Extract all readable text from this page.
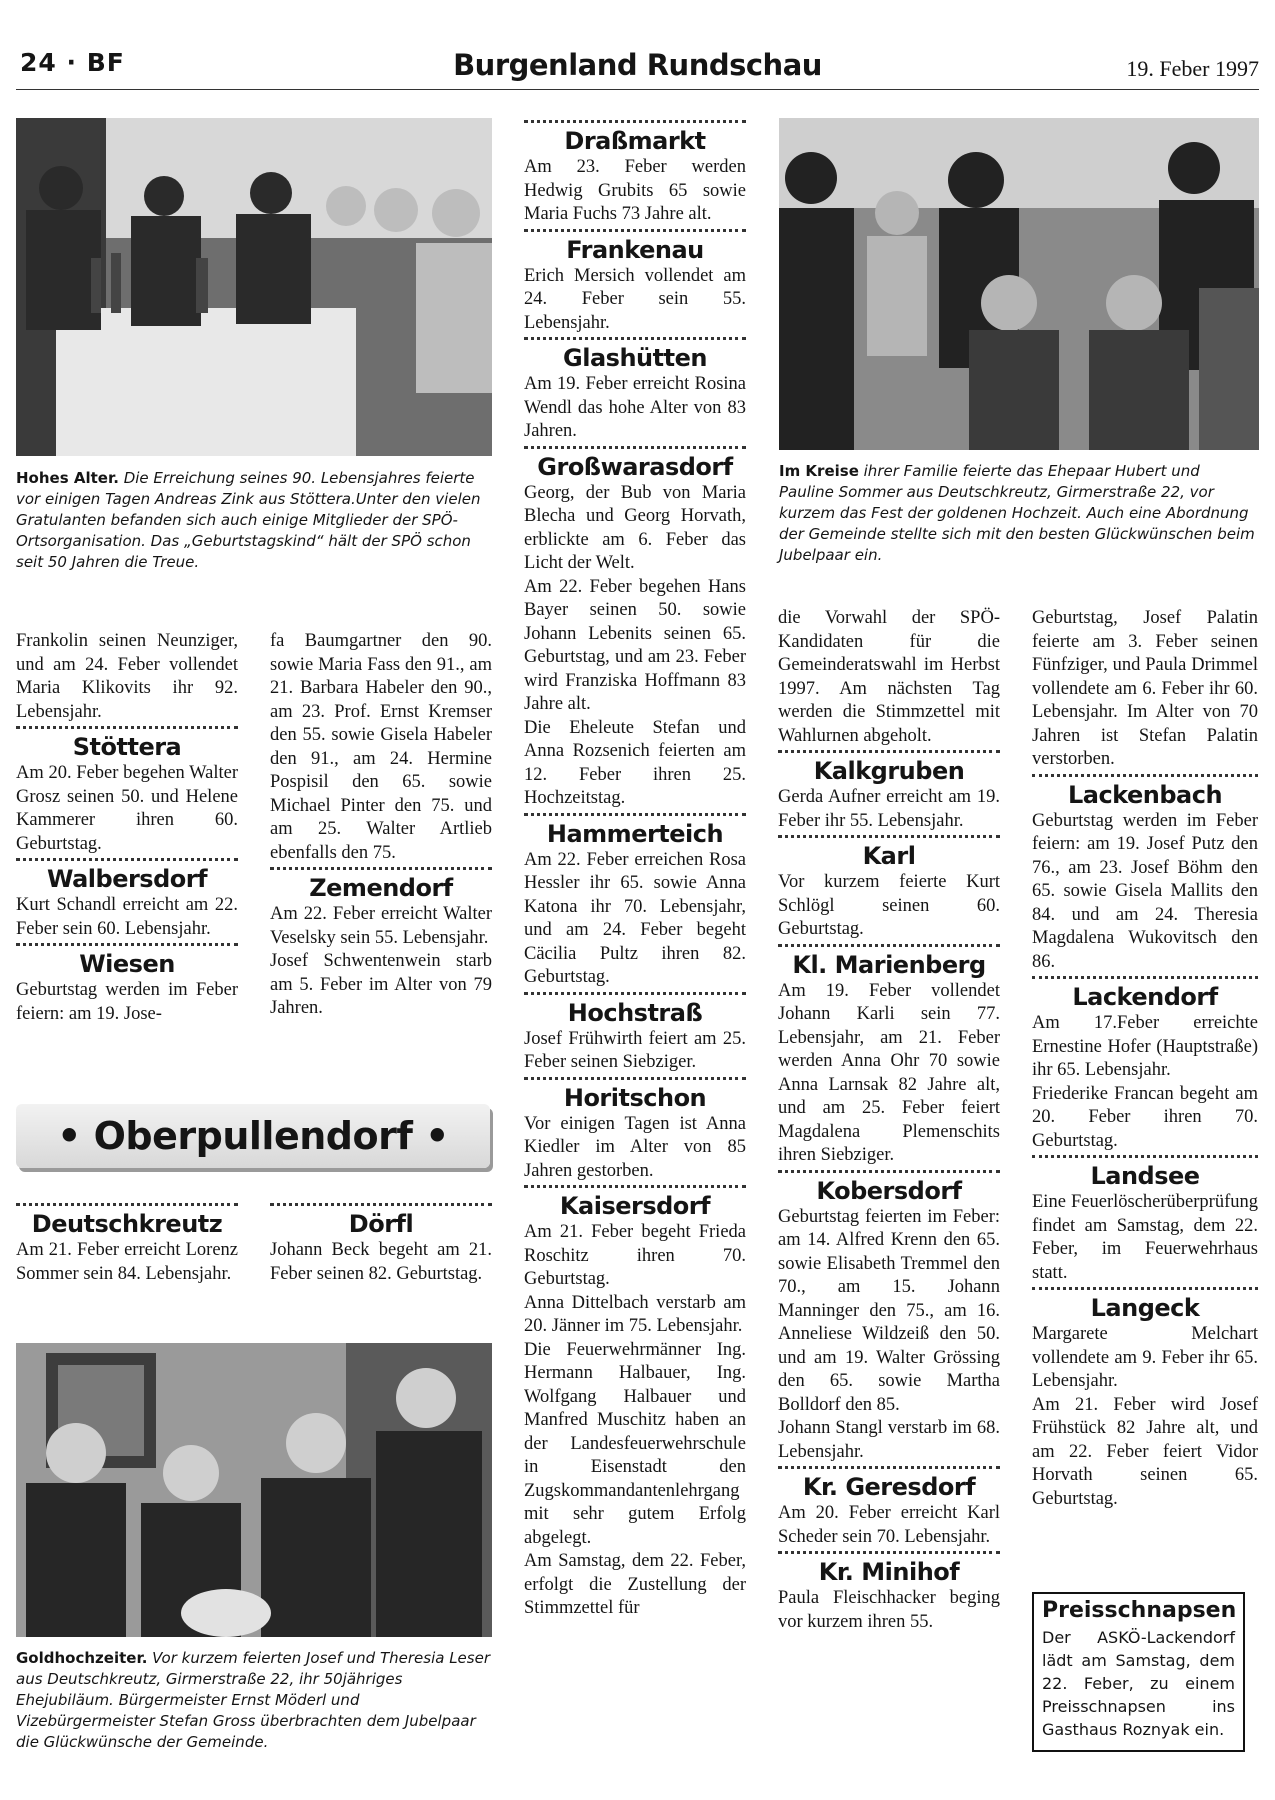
24 · BF	Burgenland Rundschau	19. Feber 1997
Hohes Alter. Die Erreichung seines 90. Lebensjahres feierte vor einigen Tagen Andreas Zink aus Stöttera.Unter den vielen Gratulanten befanden sich auch einige Mitglieder der SPÖ-Ortsorganisation. Das „Geburtstagskind“ hält der SPÖ schon seit 50 Jahren die Treue.
Im Kreise ihrer Familie feierte das Ehepaar Hubert und Pauline Sommer aus Deutschkreutz, Girmerstraße 22, vor kurzem das Fest der goldenen Hochzeit. Auch eine Abordnung der Gemeinde stellte sich mit den besten Glückwünschen beim Jubelpaar ein.

Frankolin seinen Neunziger, und am 24. Feber vollendet Maria Klikovits ihr 92. Lebensjahr.

Stöttera

Am 20. Feber begehen Walter Grosz seinen 50. und Helene Kammerer ihren 60. Geburtstag.

Walbersdorf

Kurt Schandl erreicht am 22. Feber sein 60. Lebensjahr.

Wiesen

Geburtstag werden im Feber feiern: am 19. Jose-

fa Baumgartner den 90. sowie Maria Fass den 91., am 21. Barbara Habeler den 90., am 23. Prof. Ernst Kremser den 55. sowie Gisela Habeler den 91., am 24. Hermine Pospisil den 65. sowie Michael Pinter den 75. und am 25. Walter Artlieb ebenfalls den 75.

Zemendorf

Am 22. Feber erreicht Walter Veselsky sein 55. Lebensjahr.

Josef Schwentenwein starb am 5. Feber im Alter von 79 Jahren.

• Oberpullendorf •
Deutschkreutz

Am 21. Feber erreicht Lorenz Sommer sein 84. Lebensjahr.

Dörfl

Johann Beck begeht am 21. Feber seinen 82. Geburtstag.

Goldhochzeiter. Vor kurzem feierten Josef und Theresia Leser aus Deutschkreutz, Girmerstraße 22, ihr 50jähriges Ehejubiläum. Bürgermeister Ernst Möderl und Vizebürgermeister Stefan Gross überbrachten dem Jubelpaar die Glückwünsche der Gemeinde.
Draßmarkt

Am 23. Feber werden Hedwig Grubits 65 sowie Maria Fuchs 73 Jahre alt.

Frankenau

Erich Mersich vollendet am 24. Feber sein 55. Lebensjahr.

Glashütten

Am 19. Feber erreicht Rosina Wendl das hohe Alter von 83 Jahren.

Großwarasdorf

Georg, der Bub von Maria Blecha und Georg Horvath, erblickte am 6. Feber das Licht der Welt.

Am 22. Feber begehen Hans Bayer seinen 50. sowie Johann Lebenits seinen 65. Geburtstag, und am 23. Feber wird Franziska Hoffmann 83 Jahre alt.

Die Eheleute Stefan und Anna Rozsenich feierten am 12. Feber ihren 25. Hochzeitstag.

Hammerteich

Am 22. Feber erreichen Rosa Hessler ihr 65. sowie Anna Katona ihr 70. Lebensjahr, und am 24. Feber begeht Cäcilia Pultz ihren 82. Geburtstag.

Hochstraß

Josef Frühwirth feiert am 25. Feber seinen Siebziger.

Horitschon

Vor einigen Tagen ist Anna Kiedler im Alter von 85 Jahren gestorben.

Kaisersdorf

Am 21. Feber begeht Frieda Roschitz ihren 70. Geburtstag.

Anna Dittelbach verstarb am 20. Jänner im 75. Lebensjahr.

Die Feuerwehrmänner Ing. Hermann Halbauer, Ing. Wolfgang Halbauer und Manfred Muschitz haben an der Landesfeuerwehrschule in Eisenstadt den Zugskommandantenlehrgang mit sehr gutem Erfolg abgelegt.

Am Samstag, dem 22. Feber, erfolgt die Zustellung der Stimmzettel für

die Vorwahl der SPÖ-Kandidaten für die Gemeinderatswahl im Herbst 1997. Am nächsten Tag werden die Stimmzettel mit Wahlurnen abgeholt.

Kalkgruben

Gerda Aufner erreicht am 19. Feber ihr 55. Lebensjahr.

Karl

Vor kurzem feierte Kurt Schlögl seinen 60. Geburtstag.

Kl. Marienberg

Am 19. Feber vollendet Johann Karli sein 77. Lebensjahr, am 21. Feber werden Anna Ohr 70 sowie Anna Larnsak 82 Jahre alt, und am 25. Feber feiert Magdalena Plemenschits ihren Siebziger.

Kobersdorf

Geburtstag feierten im Feber: am 14. Alfred Krenn den 65. sowie Elisabeth Tremmel den 70., am 15. Johann Manninger den 75., am 16. Anneliese Wildzeiß den 50. und am 19. Walter Grössing den 65. sowie Martha Bolldorf den 85.

Johann Stangl verstarb im 68. Lebensjahr.

Kr. Geresdorf

Am 20. Feber erreicht Karl Scheder sein 70. Lebensjahr.

Kr. Minihof

Paula Fleischhacker beging vor kurzem ihren 55.

Geburtstag, Josef Palatin feierte am 3. Feber seinen Fünfziger, und Paula Drimmel vollendete am 6. Feber ihr 60. Lebensjahr. Im Alter von 70 Jahren ist Stefan Palatin verstorben.

Lackenbach

Geburtstag werden im Feber feiern: am 19. Josef Putz den 76., am 23. Josef Böhm den 65. sowie Gisela Mallits den 84. und am 24. Theresia Magdalena Wukovitsch den 86.

Lackendorf

Am 17.Feber erreichte Ernestine Hofer (Hauptstraße) ihr 65. Lebensjahr.

Friederike Francan begeht am 20. Feber ihren 70. Geburtstag.

Landsee

Eine Feuerlöscherüberprüfung findet am Samstag, dem 22. Feber, im Feuerwehrhaus statt.

Langeck

Margarete Melchart vollendete am 9. Feber ihr 65. Lebensjahr.

Am 21. Feber wird Josef Frühstück 82 Jahre alt, und am 22. Feber feiert Vidor Horvath seinen 65. Geburtstag.

Preisschnapsen

Der ASKÖ-Lackendorf lädt am Samstag, dem 22. Feber, zu einem Preisschnapsen ins Gasthaus Roznyak ein.
